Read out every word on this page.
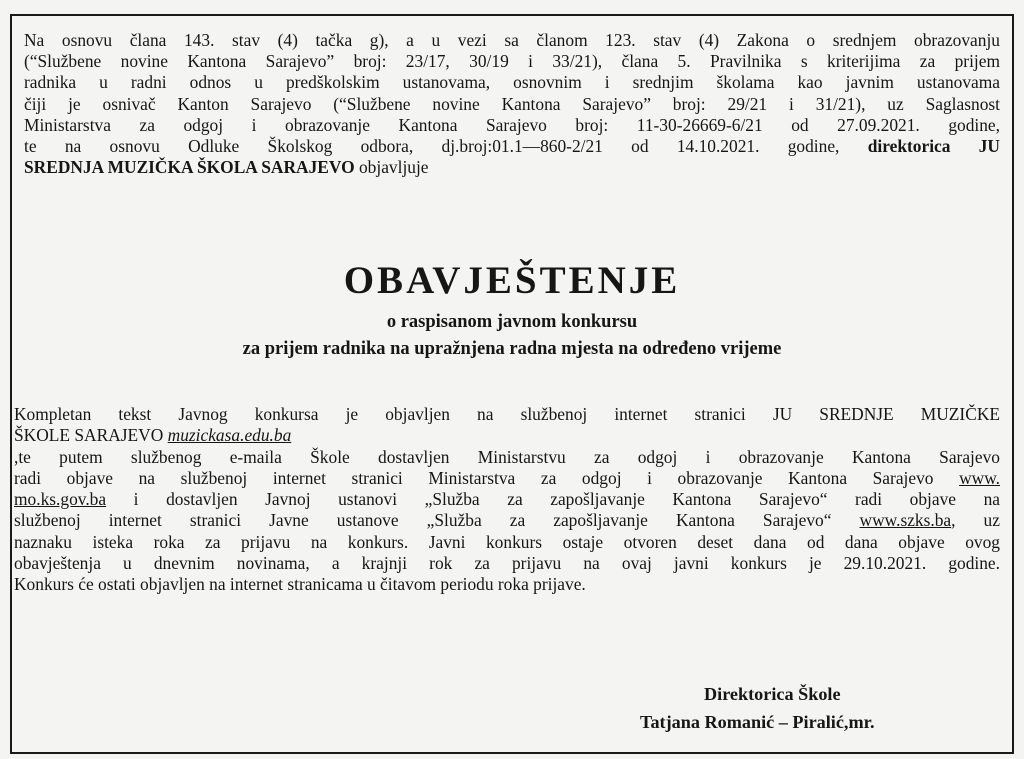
Na osnovu člana 143. stav (4) tačka g), a u vezi sa članom 123. stav (4) Zakona o srednjem obrazovanju

(“Službene novine Kantona Sarajevo” broj: 23/17, 30/19 i 33/21), člana 5. Pravilnika s kriterijima za prijem

radnika u radni odnos u predškolskim ustanovama, osnovnim i srednjim školama kao javnim ustanovama

čiji je osnivač Kanton Sarajevo (“Službene novine Kantona Sarajevo” broj: 29/21 i 31/21), uz Saglasnost

Ministarstva za odgoj i obrazovanje Kantona Sarajevo broj: 11-30-26669-6/21 od 27.09.2021. godine,

te na osnovu Odluke Školskog odbora, dj.broj:01.1—860-2/21 od 14.10.2021. godine, direktorica JU

SREDNJA MUZIČKA ŠKOLA SARAJEVO objavljuje

OBAVJEŠTENJE
o raspisanom javnom konkursu
za prijem radnika na upražnjena radna mjesta na određeno vrijeme
Kompletan tekst Javnog konkursa je objavljen na službenoj internet stranici JU SREDNJE MUZIČKE
ŠKOLE SARAJEVO muzickasa.edu.ba
,te putem službenog e-maila Škole dostavljen Ministarstvu za odgoj i obrazovanje Kantona Sarajevo
radi objave na službenoj internet stranici Ministarstva za odgoj i obrazovanje Kantona Sarajevo www.
mo.ks.gov.ba i dostavljen Javnoj ustanovi „Služba za zapošljavanje Kantona Sarajevo“ radi objave na
službenoj internet stranici Javne ustanove „Služba za zapošljavanje Kantona Sarajevo“ www.szks.ba, uz
naznaku isteka roka za prijavu na konkurs. Javni konkurs ostaje otvoren deset dana od dana objave ovog
obavještenja u dnevnim novinama, a krajnji rok za prijavu na ovaj javni konkurs je 29.10.2021. godine.
Konkurs će ostati objavljen na internet stranicama u čitavom periodu roka prijave.
Direktorica Škole
Tatjana Romanić – Piralić,mr.
